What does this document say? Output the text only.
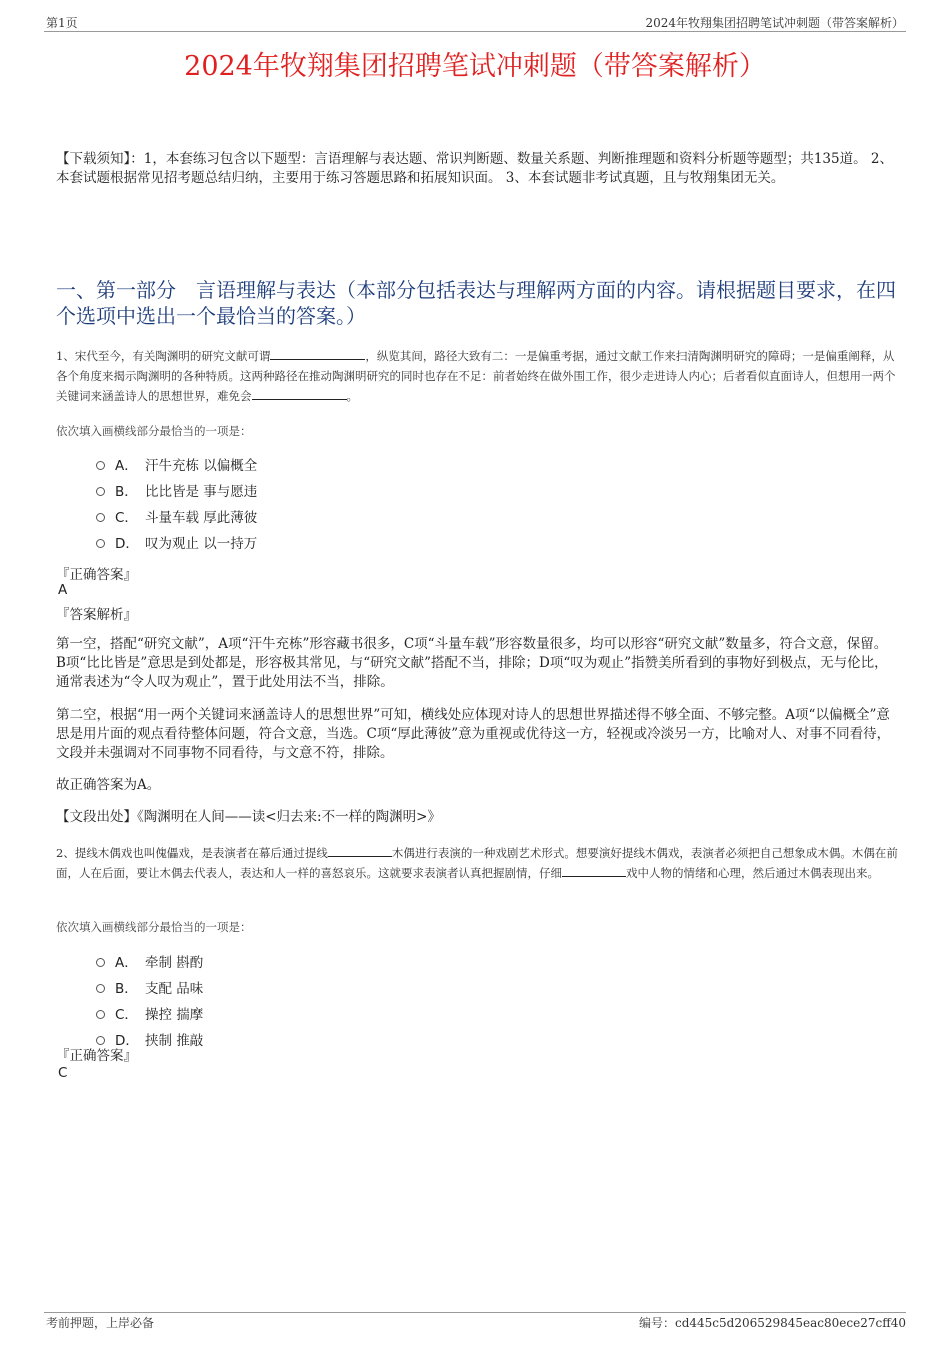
第1页	2024年牧翔集团招聘笔试冲刺题（带答案解析）
2024年牧翔集团招聘笔试冲刺题（带答案解析）
【下载须知】：1，本套练习包含以下题型：言语理解与表达题、常识判断题、数量关系题、判断推理题和资料分析题等题型；共135道。 2、本套试题根据常见招考题总结归纳，主要用于练习答题思路和拓展知识面。 3、本套试题非考试真题，且与牧翔集团无关。
一、第一部分　言语理解与表达（本部分包括表达与理解两方面的内容。请根据题目要求，在四个选项中选出一个最恰当的答案。）
1、宋代至今，有关陶渊明的研究文献可谓	，纵览其间，路径大致有二：一是偏重考据，通过文献工作来扫清陶渊明研究的障碍；一是偏重阐释，从各个角度来揭示陶渊明的各种特质。这两种路径在推动陶渊明研究的同时也存在不足：前者始终在做外围工作，很少走进诗人内心；后者看似直面诗人，但想用一两个关键词来涵盖诗人的思想世界，难免会	。
依次填入画横线部分最恰当的一项是：
A． 汗牛充栋 以偏概全
B． 比比皆是 事与愿违
C． 斗量车载 厚此薄彼
D． 叹为观止 以一持万
『正确答案』
A
『答案解析』
第一空，搭配“研究文献”，A项“汗牛充栋”形容藏书很多，C项“斗量车载”形容数量很多，均可以形容“研究文献”数量多，符合文意，保留。B项“比比皆是”意思是到处都是，形容极其常见，与“研究文献”搭配不当，排除；D项“叹为观止”指赞美所看到的事物好到极点，无与伦比，通常表述为“令人叹为观止”，置于此处用法不当，排除。
第二空，根据“用一两个关键词来涵盖诗人的思想世界”可知，横线处应体现对诗人的思想世界描述得不够全面、不够完整。A项“以偏概全”意思是用片面的观点看待整体问题，符合文意，当选。C项“厚此薄彼”意为重视或优待这一方，轻视或冷淡另一方，比喻对人、对事不同看待，文段并未强调对不同事物不同看待，与文意不符，排除。
故正确答案为A。
【文段出处】《陶渊明在人间——读<归去来:不一样的陶渊明>》
2、提线木偶戏也叫傀儡戏，是表演者在幕后通过提线	木偶进行表演的一种戏剧艺术形式。想要演好提线木偶戏，表演者必须把自己想象成木偶。木偶在前面，人在后面，要让木偶去代表人，表达和人一样的喜怒哀乐。这就要求表演者认真把握剧情，仔细	戏中人物的情绪和心理，然后通过木偶表现出来。
依次填入画横线部分最恰当的一项是：
A． 牵制 斟酌
B． 支配 品味
C． 操控 揣摩
D． 挟制 推敲
『正确答案』
C
考前押题，上岸必备	编号：cd445c5d206529845eac80ece27cff40
